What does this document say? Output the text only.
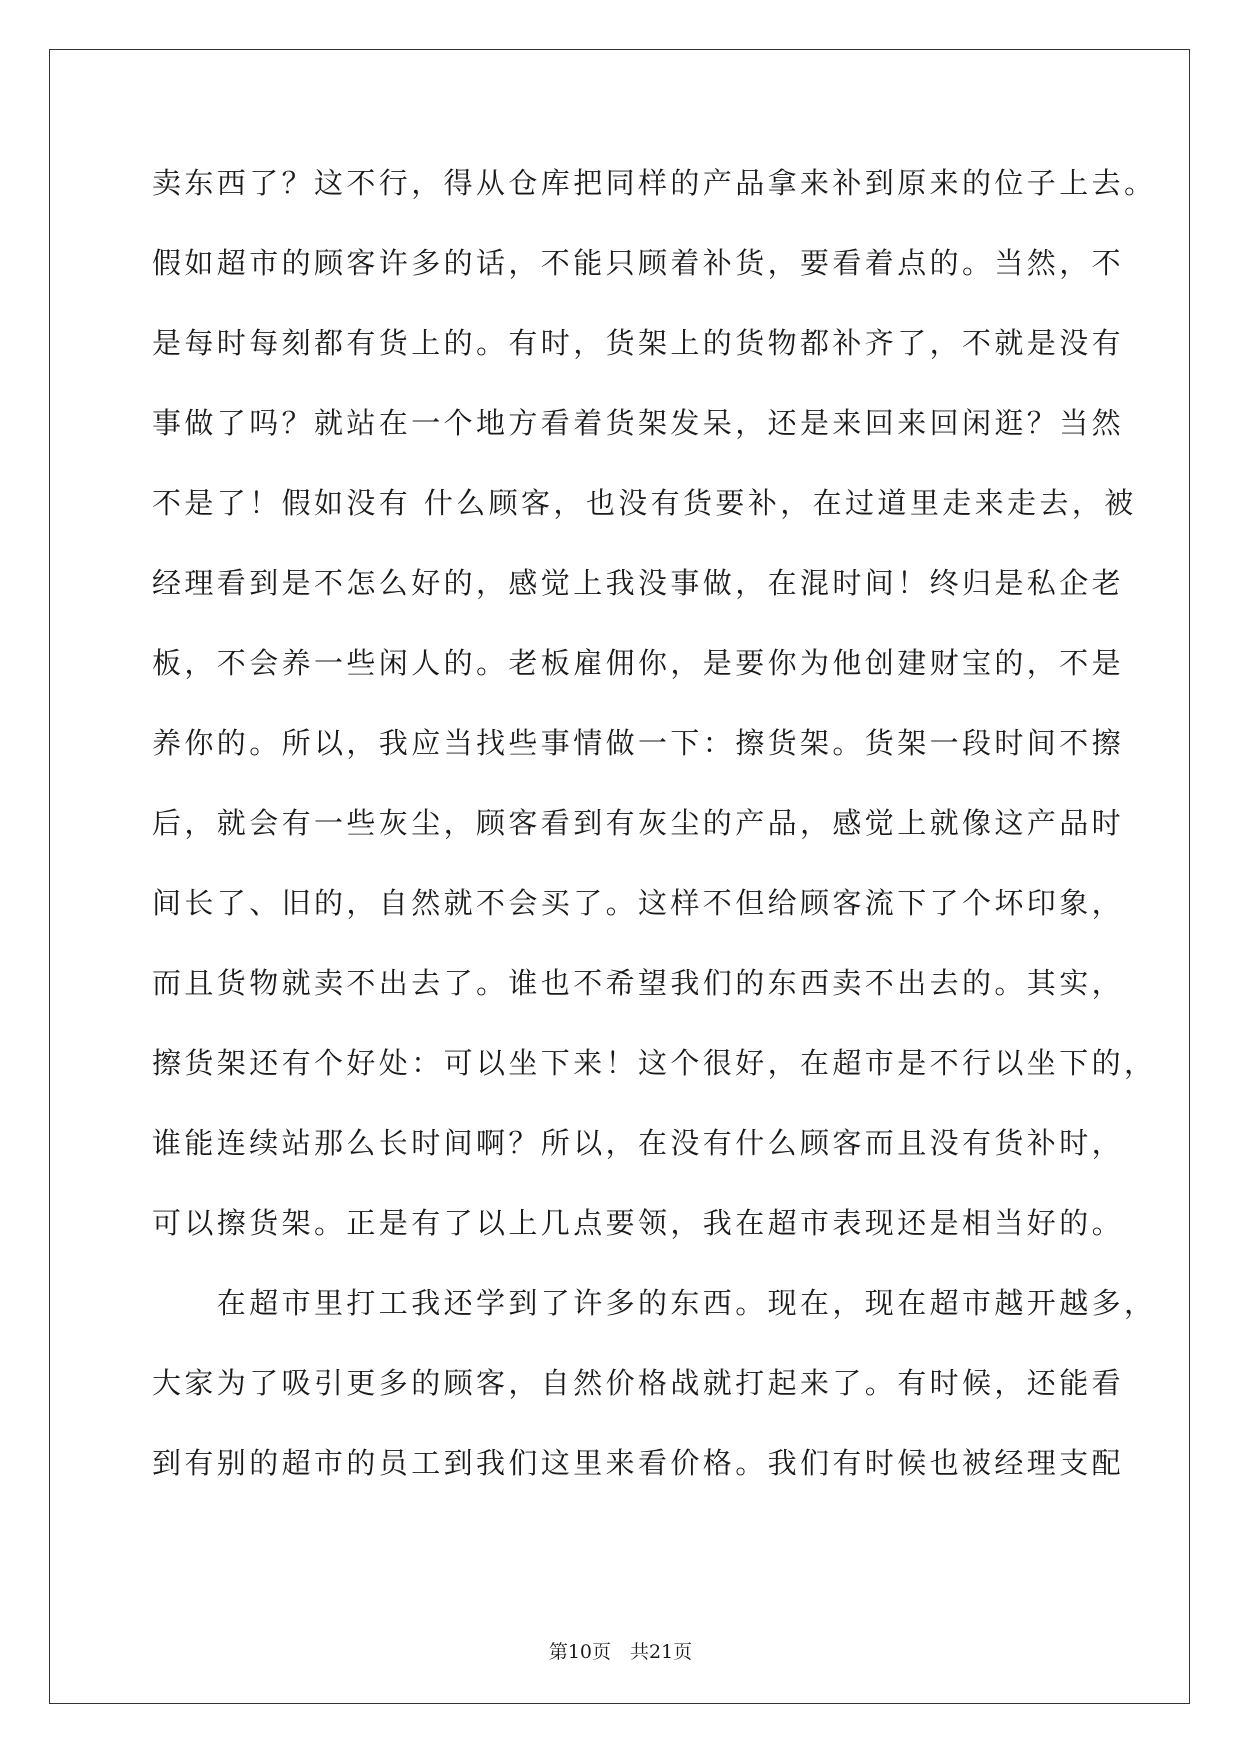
卖东西了？这不行，得从仓库把同样的产品拿来补到原来的位子上去。
假如超市的顾客许多的话，不能只顾着补货，要看着点的。当然，不
是每时每刻都有货上的。有时，货架上的货物都补齐了，不就是没有
事做了吗？就站在一个地方看着货架发呆，还是来回来回闲逛？当然
不是了！假如没有 什么顾客，也没有货要补，在过道里走来走去，被
经理看到是不怎么好的，感觉上我没事做，在混时间！终归是私企老
板，不会养一些闲人的。老板雇佣你，是要你为他创建财宝的，不是
养你的。所以，我应当找些事情做一下：擦货架。货架一段时间不擦
后，就会有一些灰尘，顾客看到有灰尘的产品，感觉上就像这产品时
间长了、旧的，自然就不会买了。这样不但给顾客流下了个坏印象，
而且货物就卖不出去了。谁也不希望我们的东西卖不出去的。其实，
擦货架还有个好处：可以坐下来！这个很好，在超市是不行以坐下的，
谁能连续站那么长时间啊？所以，在没有什么顾客而且没有货补时，
可以擦货架。正是有了以上几点要领，我在超市表现还是相当好的。
　　在超市里打工我还学到了许多的东西。现在，现在超市越开越多，
大家为了吸引更多的顾客，自然价格战就打起来了。有时候，还能看
到有别的超市的员工到我们这里来看价格。我们有时候也被经理支配
第10页　共21页
